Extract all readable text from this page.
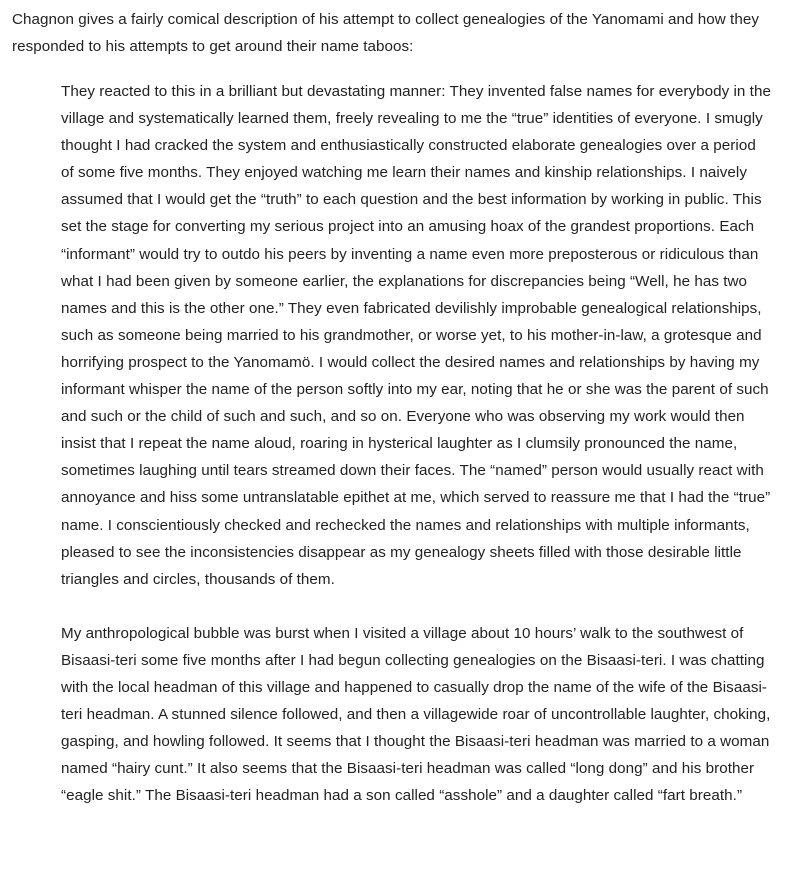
Chagnon gives a fairly comical description of his attempt to collect genealogies of the Yanomami and how they responded to his attempts to get around their name taboos:

They reacted to this in a brilliant but devastating manner: They invented false names for everybody in the village and systematically learned them, freely revealing to me the “true” identities of everyone. I smugly thought I had cracked the system and enthusiastically constructed elaborate genealogies over a period of some five months. They enjoyed watching me learn their names and kinship relationships. I naively assumed that I would get the “truth” to each question and the best information by working in public. This set the stage for converting my serious project into an amusing hoax of the grandest proportions. Each “informant” would try to outdo his peers by inventing a name even more preposterous or ridiculous than what I had been given by someone earlier, the explanations for discrepancies being “Well, he has two names and this is the other one.” They even fabricated devilishly improbable genealogical relationships, such as someone being married to his grandmother, or worse yet, to his mother-in-law, a grotesque and horrifying prospect to the Yanomamö. I would collect the desired names and relationships by having my informant whisper the name of the person softly into my ear, noting that he or she was the parent of such and such or the child of such and such, and so on. Everyone who was observing my work would then insist that I repeat the name aloud, roaring in hysterical laughter as I clumsily pronounced the name, sometimes laughing until tears streamed down their faces. The “named” person would usually react with annoyance and hiss some untranslatable epithet at me, which served to reassure me that I had the “true” name. I conscientiously checked and rechecked the names and relationships with multiple informants, pleased to see the inconsistencies disappear as my genealogy sheets filled with those desirable little triangles and circles, thousands of them.

My anthropological bubble was burst when I visited a village about 10 hours’ walk to the southwest of Bisaasi-teri some five months after I had begun collecting genealogies on the Bisaasi-teri. I was chatting with the local headman of this village and happened to casually drop the name of the wife of the Bisaasi-teri headman. A stunned silence followed, and then a villagewide roar of uncontrollable laughter, choking, gasping, and howling followed. It seems that I thought the Bisaasi-teri headman was married to a woman named “hairy cunt.” It also seems that the Bisaasi-teri headman was called “long dong” and his brother “eagle shit.” The Bisaasi-teri headman had a son called “asshole” and a daughter called “fart breath.”
